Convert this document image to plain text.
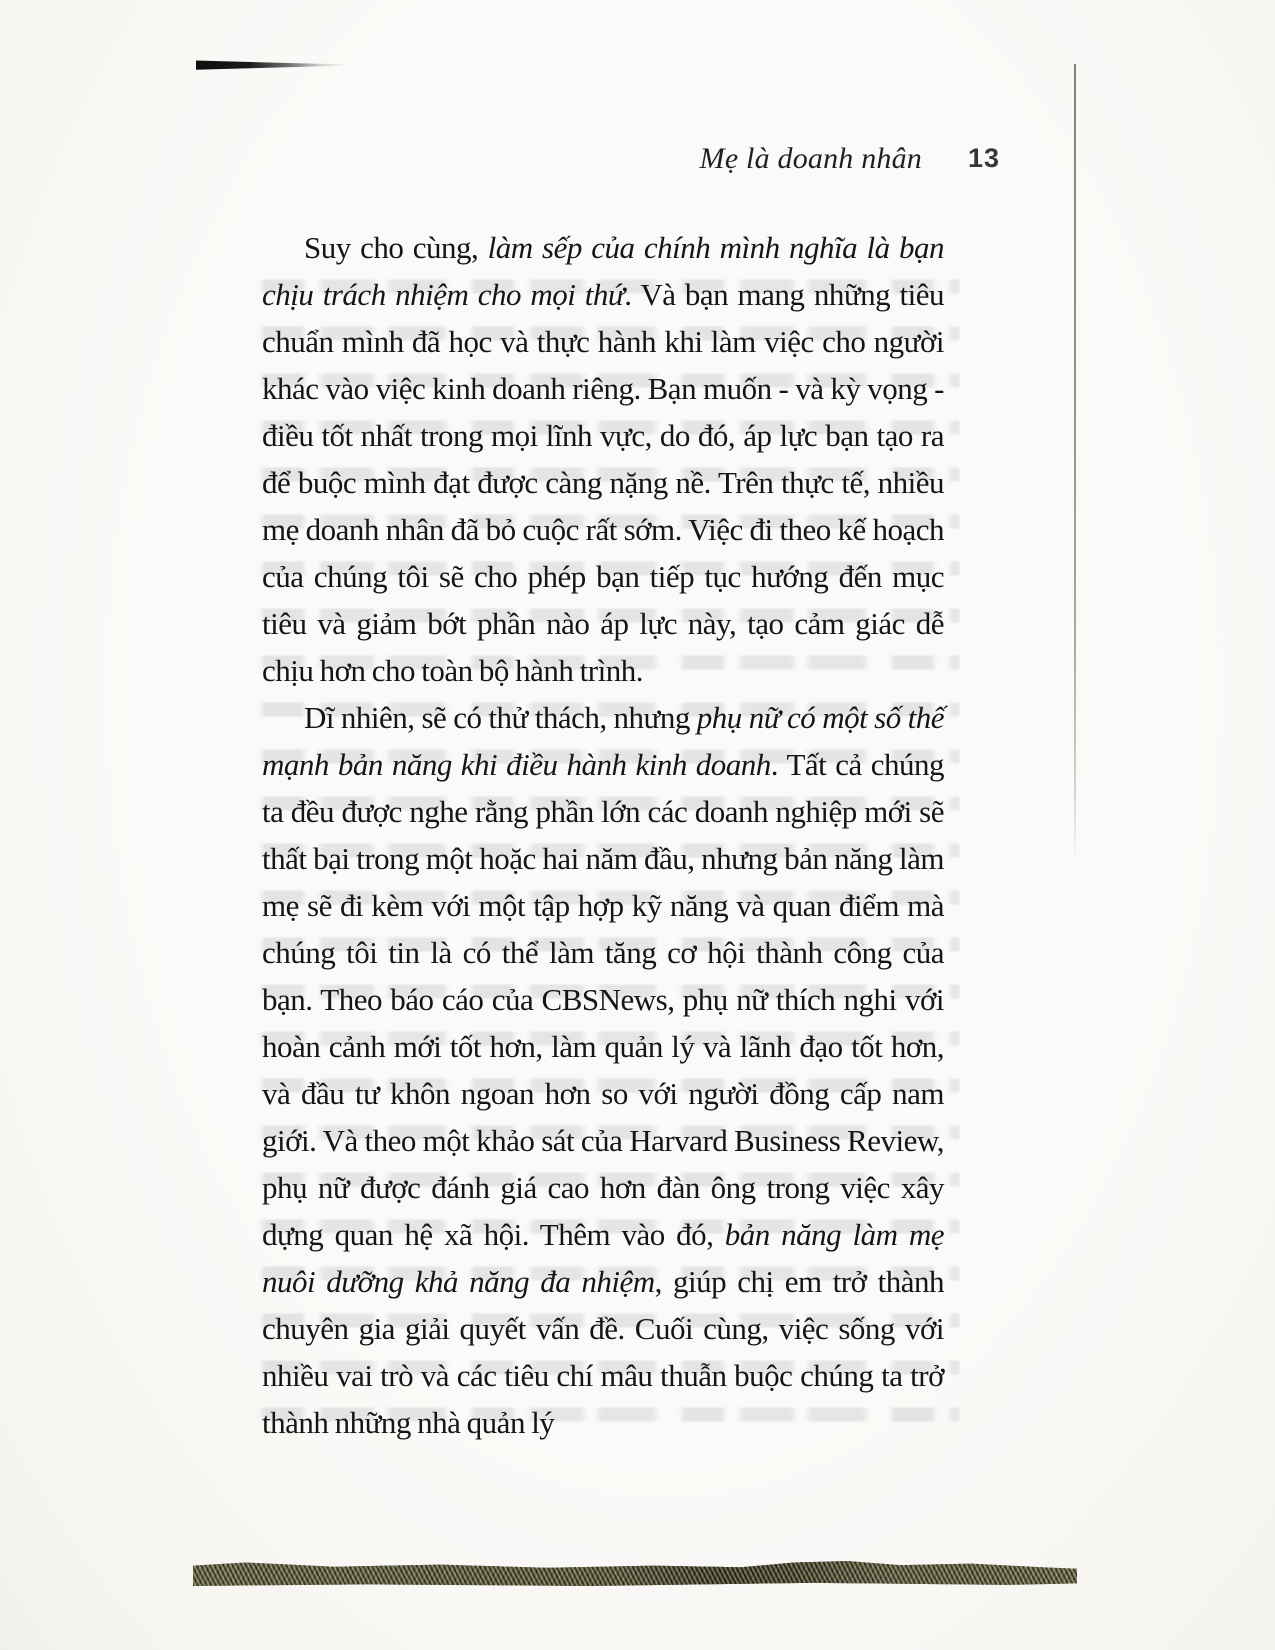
Mẹ là doanh nhân 13

Suy cho cùng, làm sếp của chính mình nghĩa là bạn chịu trách nhiệm cho mọi thứ. Và bạn mang những tiêu chuẩn mình đã học và thực hành khi làm việc cho người khác vào việc kinh doanh riêng. Bạn muốn - và kỳ vọng - điều tốt nhất trong mọi lĩnh vực, do đó, áp lực bạn tạo ra để buộc mình đạt được càng nặng nề. Trên thực tế, nhiều mẹ doanh nhân đã bỏ cuộc rất sớm. Việc đi theo kế hoạch của chúng tôi sẽ cho phép bạn tiếp tục hướng đến mục tiêu và giảm bớt phần nào áp lực này, tạo cảm giác dễ chịu hơn cho toàn bộ hành trình.

Dĩ nhiên, sẽ có thử thách, nhưng phụ nữ có một số thế mạnh bản năng khi điều hành kinh doanh. Tất cả chúng ta đều được nghe rằng phần lớn các doanh nghiệp mới sẽ thất bại trong một hoặc hai năm đầu, nhưng bản năng làm mẹ sẽ đi kèm với một tập hợp kỹ năng và quan điểm mà chúng tôi tin là có thể làm tăng cơ hội thành công của bạn. Theo báo cáo của CBSNews, phụ nữ thích nghi với hoàn cảnh mới tốt hơn, làm quản lý và lãnh đạo tốt hơn, và đầu tư khôn ngoan hơn so với người đồng cấp nam giới. Và theo một khảo sát của Harvard Business Review, phụ nữ được đánh giá cao hơn đàn ông trong việc xây dựng quan hệ xã hội. Thêm vào đó, bản năng làm mẹ nuôi dưỡng khả năng đa nhiệm, giúp chị em trở thành chuyên gia giải quyết vấn đề. Cuối cùng, việc sống với nhiều vai trò và các tiêu chí mâu thuẫn buộc chúng ta trở thành những nhà quản lý
